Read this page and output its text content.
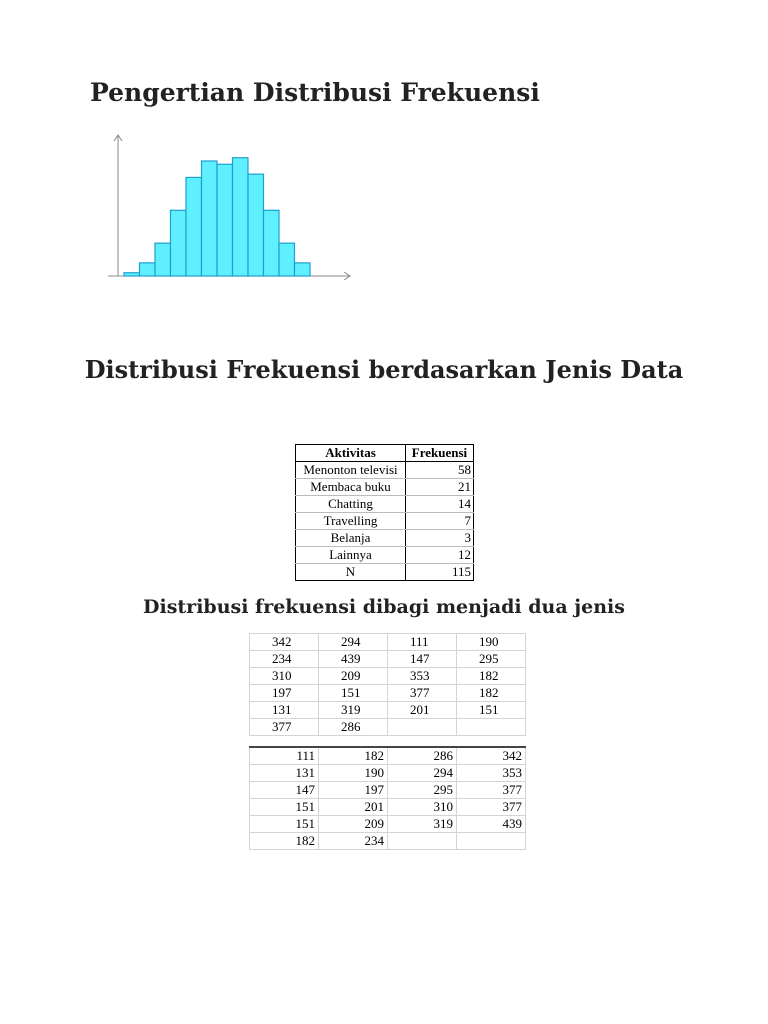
Pengertian Distribusi Frekuensi
Distribusi Frekuensi berdasarkan Jenis Data
Aktivitas	Frekuensi
Menonton televisi	58
Membaca buku	21
Chatting	14
Travelling	7
Belanja	3
Lainnya	12
N	115
Distribusi frekuensi dibagi menjadi dua jenis
342	294	111	190
234	439	147	295
310	209	353	182
197	151	377	182
131	319	201	151
377	286		
111	182	286	342
131	190	294	353
147	197	295	377
151	201	310	377
151	209	319	439
182	234		
